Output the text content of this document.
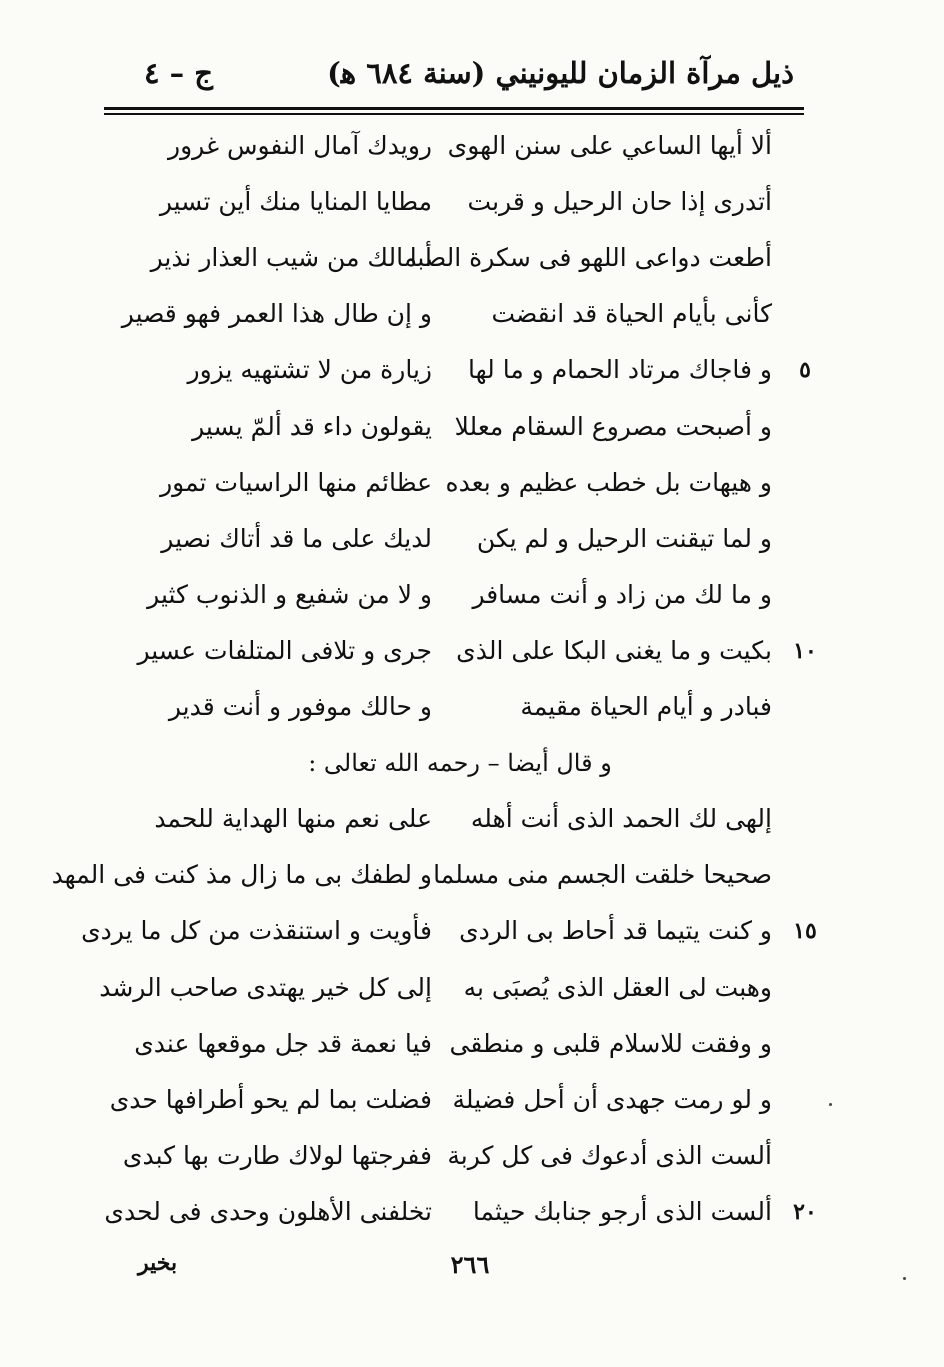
ذيل مرآة الزمان لليونيني (سنة ٦٨٤ ﻫ)
ج – ٤
ألا أيها الساعي على سنن الهوى
رويدك آمال النفوس غرور
أتدرى إذا حان الرحيل و قربت
مطايا المنايا منك أين تسير
أطعت دواعى اللهو فى سكرة الصبا
أ مالك من شيب العذار نذير
كأنى بأيام الحياة قد انقضت
و إن طال هذا العمر فهو قصير
٥
و فاجاك مرتاد الحمام و ما لها
زيارة من لا تشتهيه يزور
و أصبحت مصروع السقام معللا
يقولون داء قد ألمّ يسير
و هيهات بل خطب عظيم و بعده
عظائم منها الراسيات تمور
و لما تيقنت الرحيل و لم يكن
لديك على ما قد أتاك نصير
و ما لك من زاد و أنت مسافر
و لا من شفيع و الذنوب كثير
١٠
بكيت و ما يغنى البكا على الذى
جرى و تلافى المتلفات عسير
فبادر و أيام الحياة مقيمة
و حالك موفور و أنت قدير
و قال أيضا – رحمه الله تعالى :
إلهى لك الحمد الذى أنت أهله
على نعم منها الهداية للحمد
صحيحا خلقت الجسم منى مسلما
و لطفك بى ما زال مذ كنت فى المهد
١٥
و كنت يتيما قد أحاط بى الردى
فأويت و استنقذت من كل ما يردى
وهبت لى العقل الذى يُصبَى به
إلى كل خير يهتدى صاحب الرشد
و وفقت للاسلام قلبى و منطقى
فيا نعمة قد جل موقعها عندى
و لو رمت جهدى أن أحل فضيلة
فضلت بما لم يحو أطرافها حدى
ألست الذى أدعوك فى كل كربة
ففرجتها لولاك طارت بها كبدى
٢٠
ألست الذى أرجو جنابك حيثما
تخلفنى الأهلون وحدى فى لحدى
٢٦٦
بخير
